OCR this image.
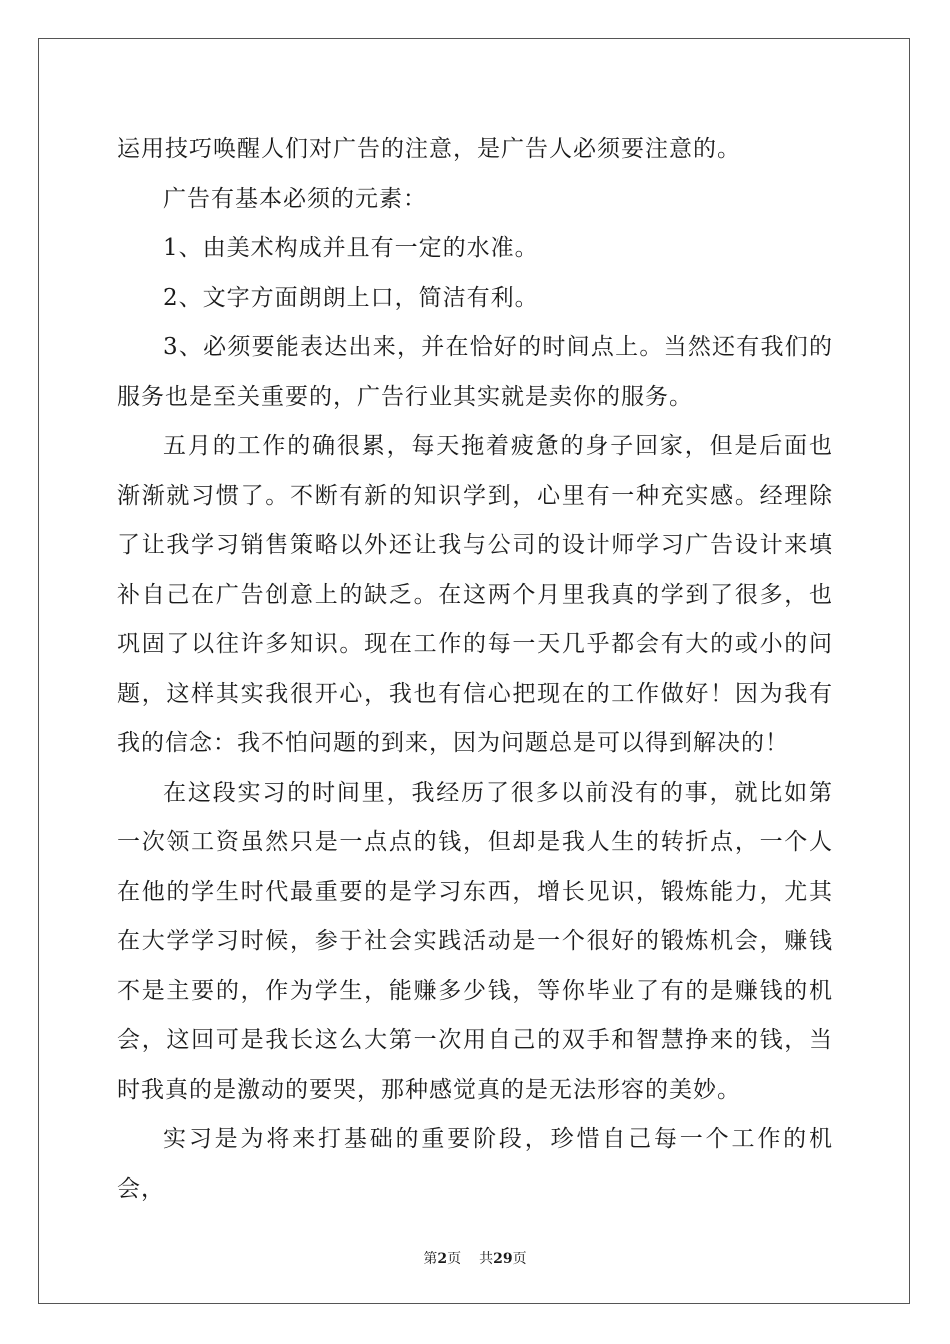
运用技巧唤醒人们对广告的注意，是广告人必须要注意的。

广告有基本必须的元素：

1、由美术构成并且有一定的水准。

2、文字方面朗朗上口，简洁有利。

3、必须要能表达出来，并在恰好的时间点上。当然还有我们的服务也是至关重要的，广告行业其实就是卖你的服务。

五月的工作的确很累，每天拖着疲惫的身子回家，但是后面也渐渐就习惯了。不断有新的知识学到，心里有一种充实感。经理除了让我学习销售策略以外还让我与公司的设计师学习广告设计来填补自己在广告创意上的缺乏。在这两个月里我真的学到了很多，也巩固了以往许多知识。现在工作的每一天几乎都会有大的或小的问题，这样其实我很开心，我也有信心把现在的工作做好！因为我有我的信念：我不怕问题的到来，因为问题总是可以得到解决的！

在这段实习的时间里，我经历了很多以前没有的事，就比如第一次领工资虽然只是一点点的钱，但却是我人生的转折点，一个人在他的学生时代最重要的是学习东西，增长见识，锻炼能力，尤其在大学学习时候，参于社会实践活动是一个很好的锻炼机会，赚钱不是主要的，作为学生，能赚多少钱，等你毕业了有的是赚钱的机会，这回可是我长这么大第一次用自己的双手和智慧挣来的钱，当时我真的是激动的要哭，那种感觉真的是无法形容的美妙。

实习是为将来打基础的重要阶段，珍惜自己每一个工作的机会，

第2页 共29页
